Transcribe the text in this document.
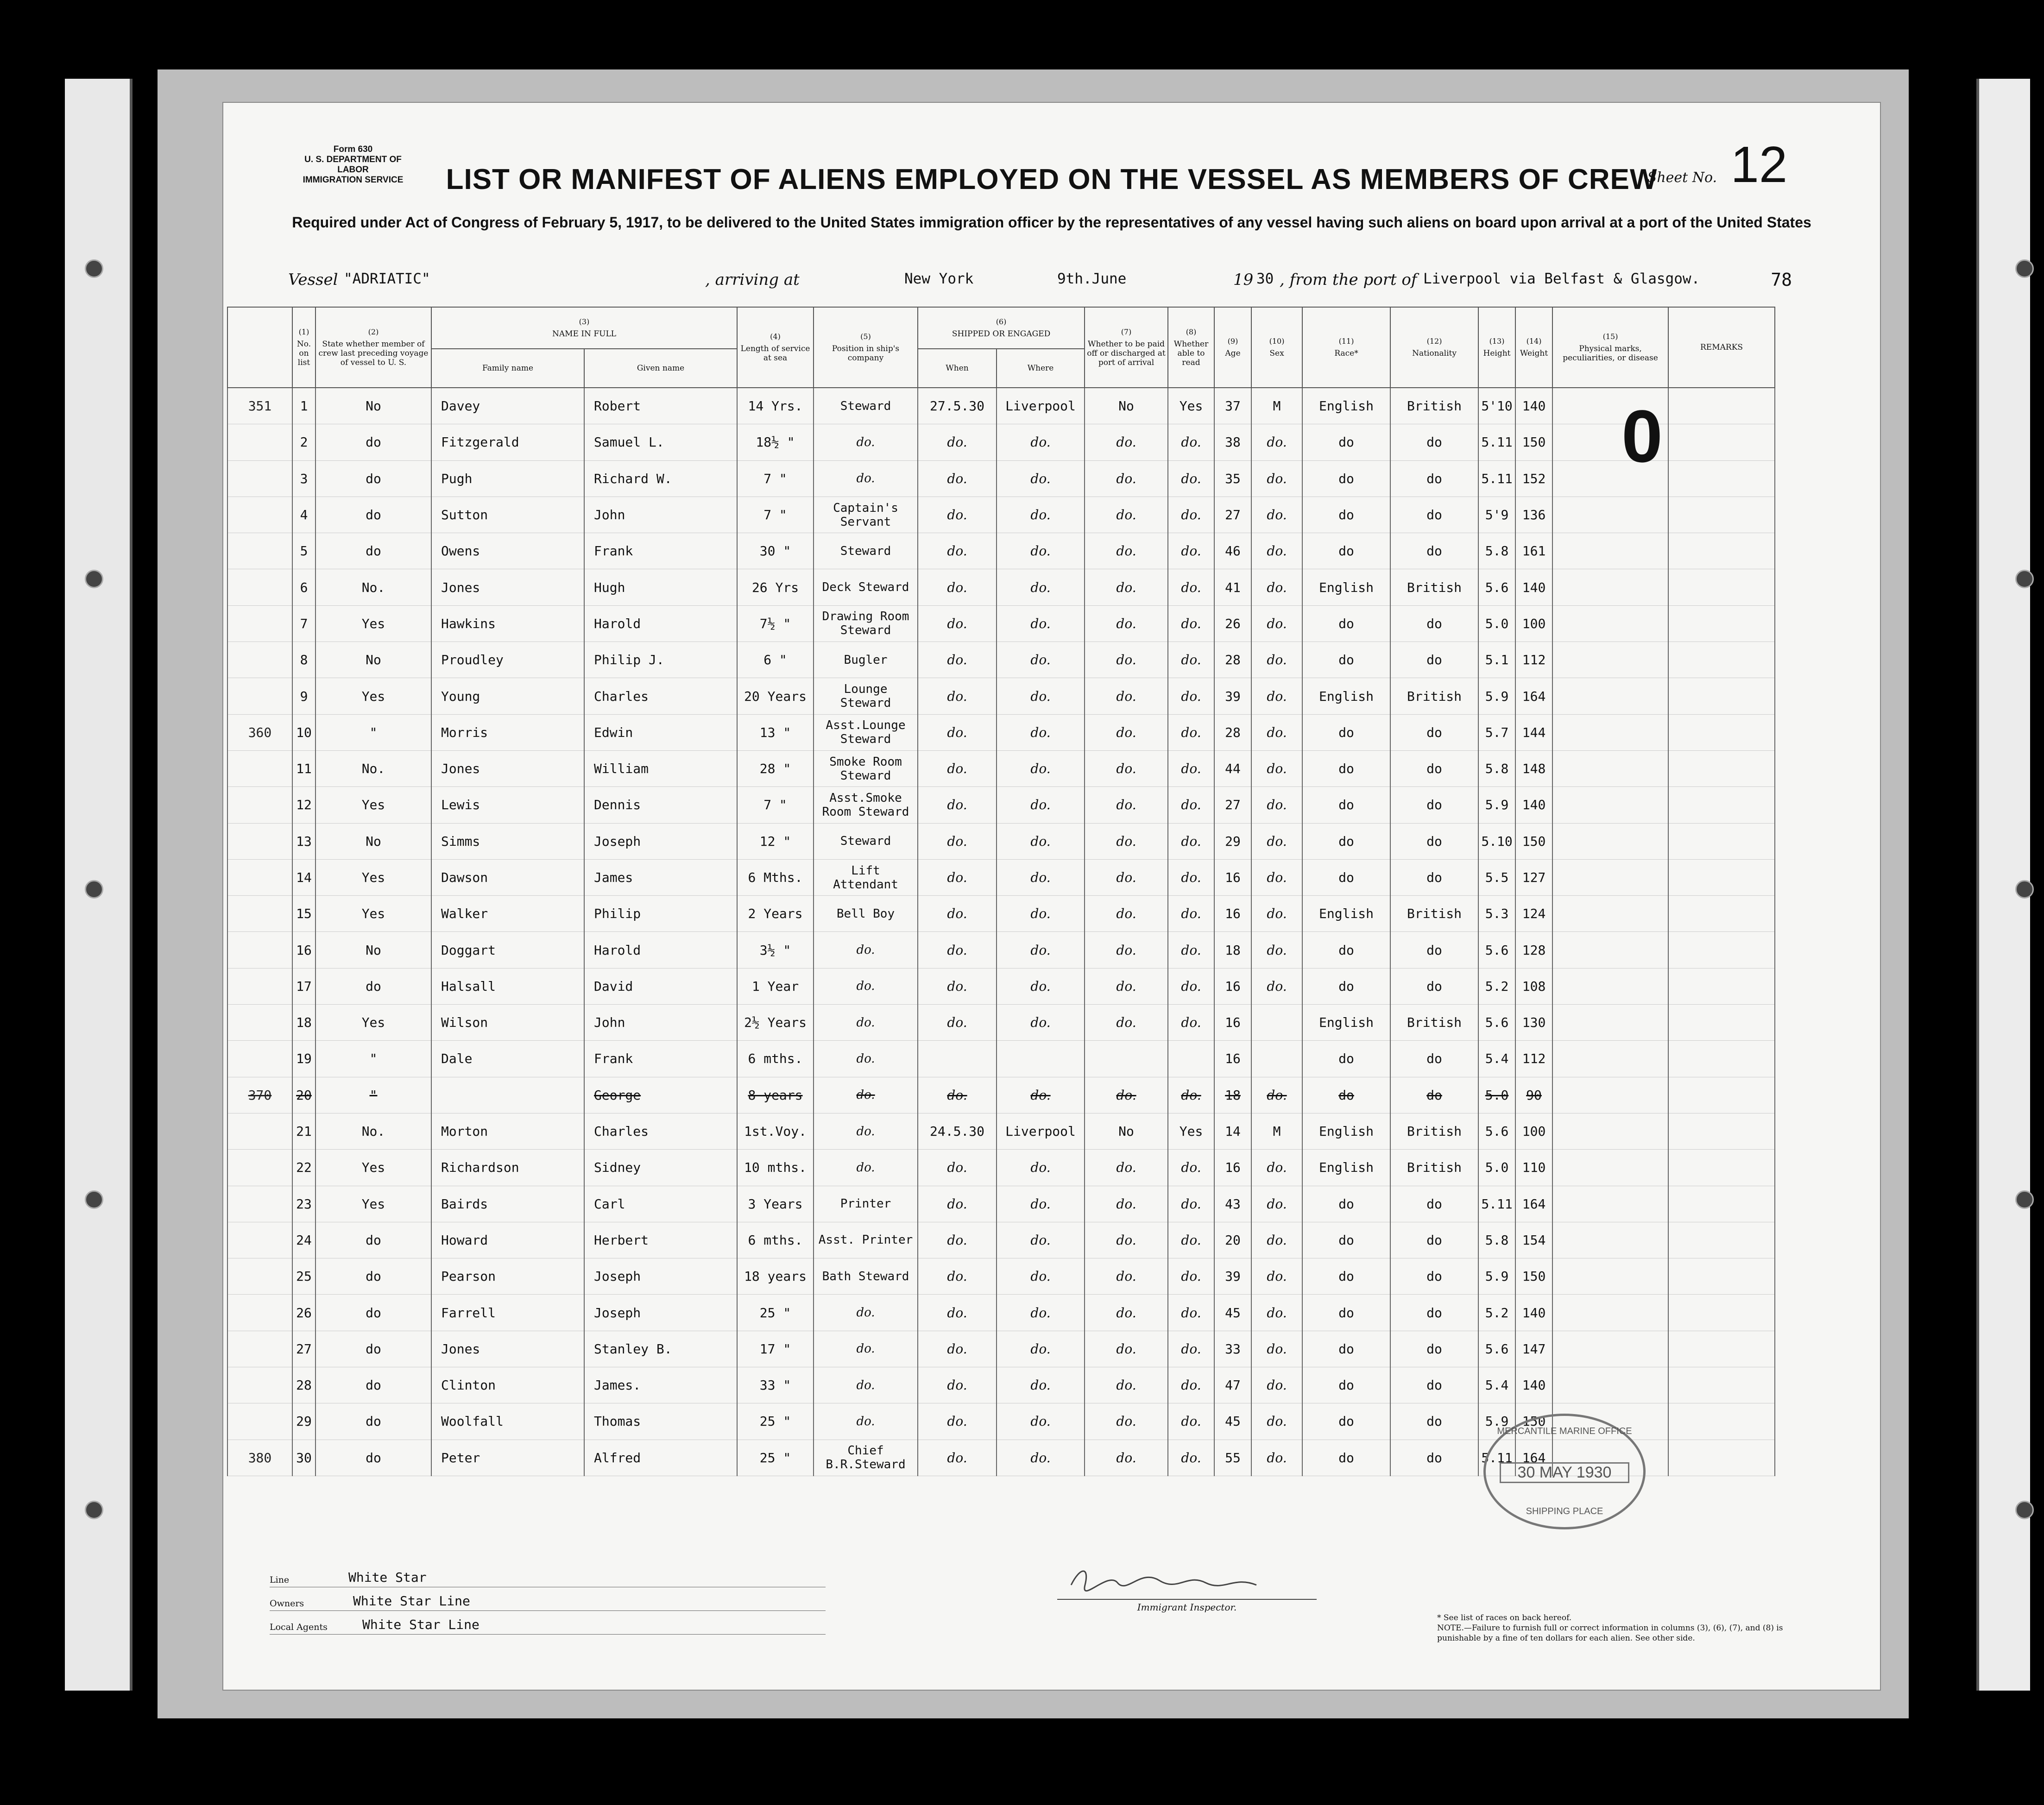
Form 630
U. S. DEPARTMENT OF LABOR
IMMIGRATION SERVICE	Sheet No. 12
LIST OR MANIFEST OF ALIENS EMPLOYED ON THE VESSEL AS MEMBERS OF CREW
Required under Act of Congress of February 5, 1917, to be delivered to the United States immigration officer by the representatives of any vessel having such aliens on board upon arrival at a port of the United States
Vessel "ADRIATIC"	, arriving at	New York	9th.June	19 30 , from the port of Liverpool via Belfast & Glasgow.	78

	(1)
No. on list	(2)
State whether member of crew last preceding voyage of vessel to U. S.	(3)
NAME IN FULL		(4)
Length of service at sea	(5)
Position in ship's company	(6)
SHIPPED OR ENGAGED		(7)
Whether to be paid off or discharged at port of arrival	(8)
Whether able to read	(9)
Age	(10)
Sex	(11)
Race*	(12)
Nationality	(13)
Height	(14)
Weight	(15)
Physical marks, peculiarities, or disease	REMARKS
			Family name	Given name			When	Where										
351	1	No	Davey	Robert	14 Yrs.	Steward	27.5.30	Liverpool	No	Yes	37	M	English	British	5'10	140		
	2	do	Fitzgerald	Samuel L.	18½ "	do.	do.	do.	do.	do.	38	do.	do	do	5.11	150		
	3	do	Pugh	Richard W.	7 "	do.	do.	do.	do.	do.	35	do.	do	do	5.11	152		
	4	do	Sutton	John	7 "	Captain's Servant	do.	do.	do.	do.	27	do.	do	do	5'9	136		
	5	do	Owens	Frank	30 "	Steward	do.	do.	do.	do.	46	do.	do	do	5.8	161		
	6	No.	Jones	Hugh	26 Yrs	Deck Steward	do.	do.	do.	do.	41	do.	English	British	5.6	140		
	7	Yes	Hawkins	Harold	7½ "	Drawing Room Steward	do.	do.	do.	do.	26	do.	do	do	5.0	100		
	8	No	Proudley	Philip J.	6 "	Bugler	do.	do.	do.	do.	28	do.	do	do	5.1	112		
	9	Yes	Young	Charles	20 Years	Lounge Steward	do.	do.	do.	do.	39	do.	English	British	5.9	164		
360	10	"	Morris	Edwin	13 "	Asst.Lounge Steward	do.	do.	do.	do.	28	do.	do	do	5.7	144		
	11	No.	Jones	William	28 "	Smoke Room Steward	do.	do.	do.	do.	44	do.	do	do	5.8	148		
	12	Yes	Lewis	Dennis	7 "	Asst.Smoke Room Steward	do.	do.	do.	do.	27	do.	do	do	5.9	140		
	13	No	Simms	Joseph	12 "	Steward	do.	do.	do.	do.	29	do.	do	do	5.10	150		
	14	Yes	Dawson	James	6 Mths.	Lift Attendant	do.	do.	do.	do.	16	do.	do	do	5.5	127		
	15	Yes	Walker	Philip	2 Years	Bell Boy	do.	do.	do.	do.	16	do.	English	British	5.3	124		
	16	No	Doggart	Harold	3½ "	do.	do.	do.	do.	do.	18	do.	do	do	5.6	128		
	17	do	Halsall	David	1 Year	do.	do.	do.	do.	do.	16	do.	do	do	5.2	108		
	18	Yes	Wilson	John	2½ Years	do.	do.	do.	do.	do.	16		English	British	5.6	130		
	19	"	Dale	Frank	6 mths.	do.					16		do	do	5.4	112		
370	20	"		George	8 years	do.	do.	do.	do.	do.	18	do.	do	do	5.0	90		
	21	No.	Morton	Charles	1st.Voy.	do.	24.5.30	Liverpool	No	Yes	14	M	English	British	5.6	100		
	22	Yes	Richardson	Sidney	10 mths.	do.	do.	do.	do.	do.	16	do.	English	British	5.0	110		
	23	Yes	Bairds	Carl	3 Years	Printer	do.	do.	do.	do.	43	do.	do	do	5.11	164		
	24	do	Howard	Herbert	6 mths.	Asst. Printer	do.	do.	do.	do.	20	do.	do	do	5.8	154		
	25	do	Pearson	Joseph	18 years	Bath Steward	do.	do.	do.	do.	39	do.	do	do	5.9	150		
	26	do	Farrell	Joseph	25 "	do.	do.	do.	do.	do.	45	do.	do	do	5.2	140		
	27	do	Jones	Stanley B.	17 "	do.	do.	do.	do.	do.	33	do.	do	do	5.6	147		
	28	do	Clinton	James.	33 "	do.	do.	do.	do.	do.	47	do.	do	do	5.4	140		
	29	do	Woolfall	Thomas	25 "	do.	do.	do.	do.	do.	45	do.	do	do	5.9	150		
380	30	do	Peter	Alfred	25 "	Chief B.R.Steward	do.	do.	do.	do.	55	do.	do	do	5.11	164		
Line	White Star
Owners	White Star Line
Local Agents	White Star Line
Immigrant Inspector.
* See list of races on back hereof.
NOTE.—Failure to furnish full or correct information in columns (3), (6), (7), and (8) is punishable by a fine of ten dollars for each alien. See other side.
MERCANTILE MARINE OFFICE
30 MAY 1930
SHIPPING PLACE
0
